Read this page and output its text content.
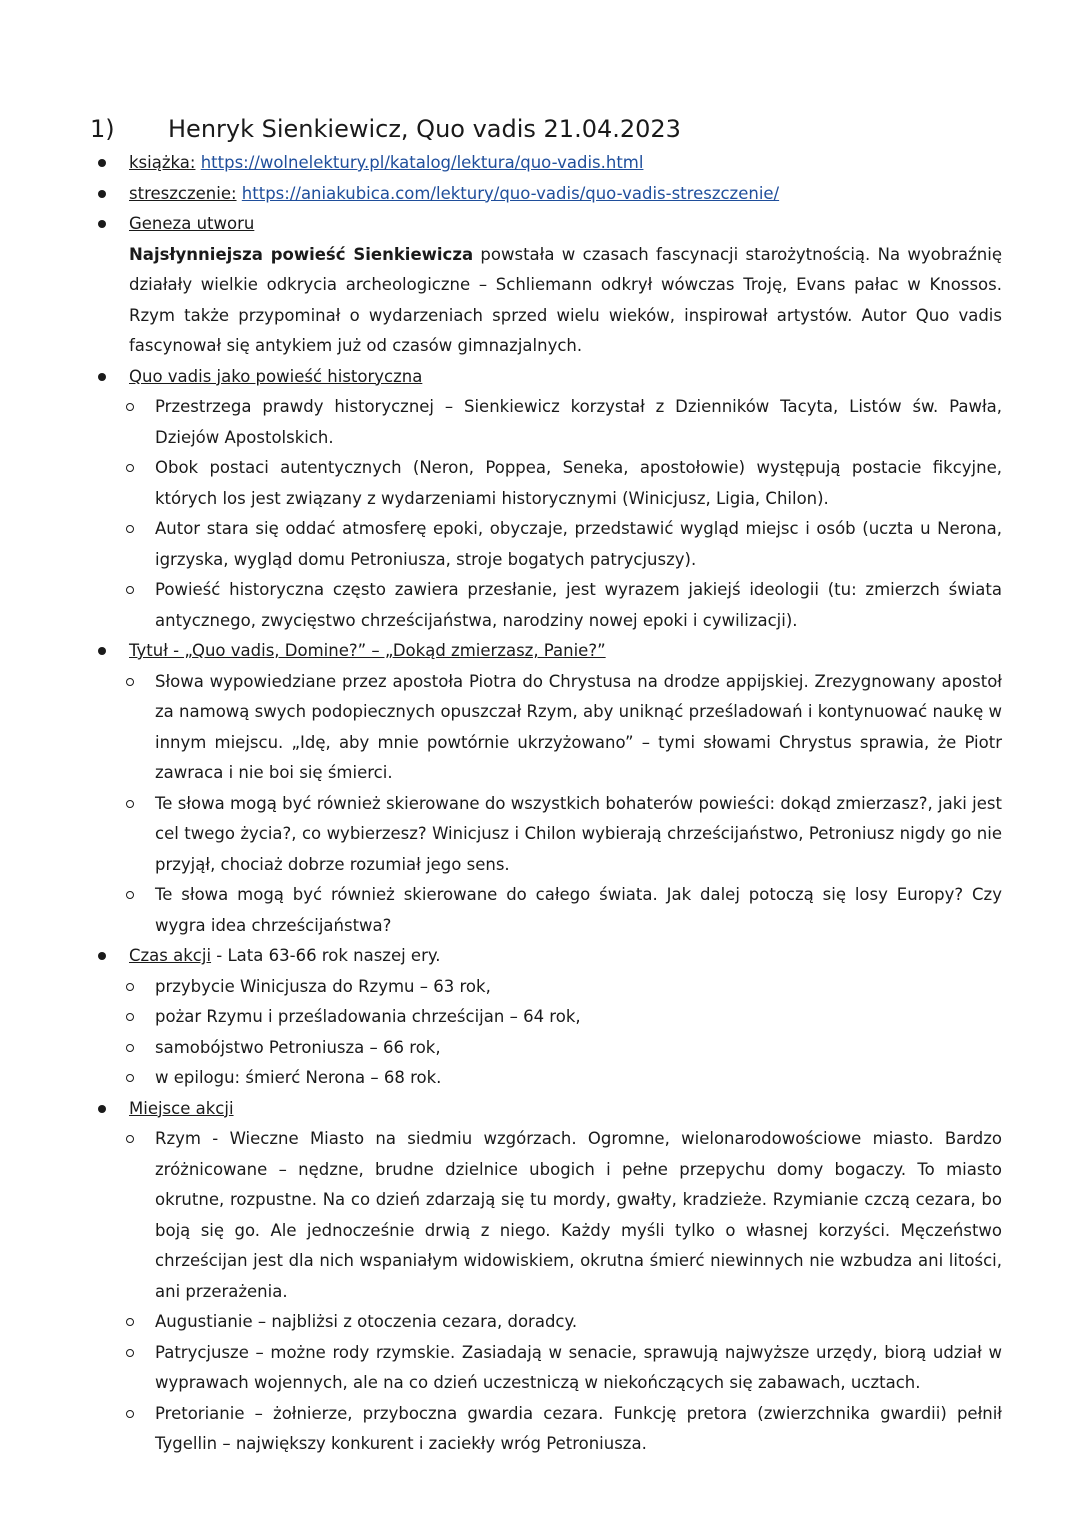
1)	Henryk Sienkiewicz, Quo vadis 21.04.2023
książka: https://wolnelektury.pl/katalog/lektura/quo-vadis.html
streszczenie: https://aniakubica.com/lektury/quo-vadis/quo-vadis-streszczenie/
Geneza utworu
Najsłynniejsza powieść Sienkiewicza powstała w czasach fascynacji starożytnością. Na wyobraźnię działały wielkie odkrycia archeologiczne – Schliemann odkrył wówczas Troję, Evans pałac w Knossos. Rzym także przypominał o wydarzeniach sprzed wielu wieków, inspirował artystów. Autor Quo vadis fascynował się antykiem już od czasów gimnazjalnych.
Quo vadis jako powieść historyczna
Przestrzega prawdy historycznej – Sienkiewicz korzystał z Dzienników Tacyta, Listów św. Pawła, Dziejów Apostolskich.
Obok postaci autentycznych (Neron, Poppea, Seneka, apostołowie) występują postacie fikcyjne, których los jest związany z wydarzeniami historycznymi (Winicjusz, Ligia, Chilon).
Autor stara się oddać atmosferę epoki, obyczaje, przedstawić wygląd miejsc i osób (uczta u Nerona, igrzyska, wygląd domu Petroniusza, stroje bogatych patrycjuszy).
Powieść historyczna często zawiera przesłanie, jest wyrazem jakiejś ideologii (tu: zmierzch świata antycznego, zwycięstwo chrześcijaństwa, narodziny nowej epoki i cywilizacji).
Tytuł - „Quo vadis, Domine?” – „Dokąd zmierzasz, Panie?”
Słowa wypowiedziane przez apostoła Piotra do Chrystusa na drodze appijskiej. Zrezygnowany apostoł za namową swych podopiecznych opuszczał Rzym, aby uniknąć prześladowań i kontynuować naukę w innym miejscu. „Idę, aby mnie powtórnie ukrzyżowano” – tymi słowami Chrystus sprawia, że Piotr zawraca i nie boi się śmierci.
Te słowa mogą być również skierowane do wszystkich bohaterów powieści: dokąd zmierzasz?, jaki jest cel twego życia?, co wybierzesz? Winicjusz i Chilon wybierają chrześcijaństwo, Petroniusz nigdy go nie przyjął, chociaż dobrze rozumiał jego sens.
Te słowa mogą być również skierowane do całego świata. Jak dalej potoczą się losy Europy? Czy wygra idea chrześcijaństwa?
Czas akcji - Lata 63-66 rok naszej ery.
przybycie Winicjusza do Rzymu – 63 rok,
pożar Rzymu i prześladowania chrześcijan – 64 rok,
samobójstwo Petroniusza – 66 rok,
w epilogu: śmierć Nerona – 68 rok.
Miejsce akcji
Rzym - Wieczne Miasto na siedmiu wzgórzach. Ogromne, wielonarodowościowe miasto. Bardzo zróżnicowane – nędzne, brudne dzielnice ubogich i pełne przepychu domy bogaczy. To miasto okrutne, rozpustne. Na co dzień zdarzają się tu mordy, gwałty, kradzieże. Rzymianie czczą cezara, bo boją się go. Ale jednocześnie drwią z niego. Każdy myśli tylko o własnej korzyści. Męczeństwo chrześcijan jest dla nich wspaniałym widowiskiem, okrutna śmierć niewinnych nie wzbudza ani litości, ani przerażenia.
Augustianie – najbliżsi z otoczenia cezara, doradcy.
Patrycjusze – możne rody rzymskie. Zasiadają w senacie, sprawują najwyższe urzędy, biorą udział w wyprawach wojennych, ale na co dzień uczestniczą w niekończących się zabawach, ucztach.
Pretorianie – żołnierze, przyboczna gwardia cezara. Funkcję pretora (zwierzchnika gwardii) pełnił Tygellin – największy konkurent i zaciekły wróg Petroniusza.
